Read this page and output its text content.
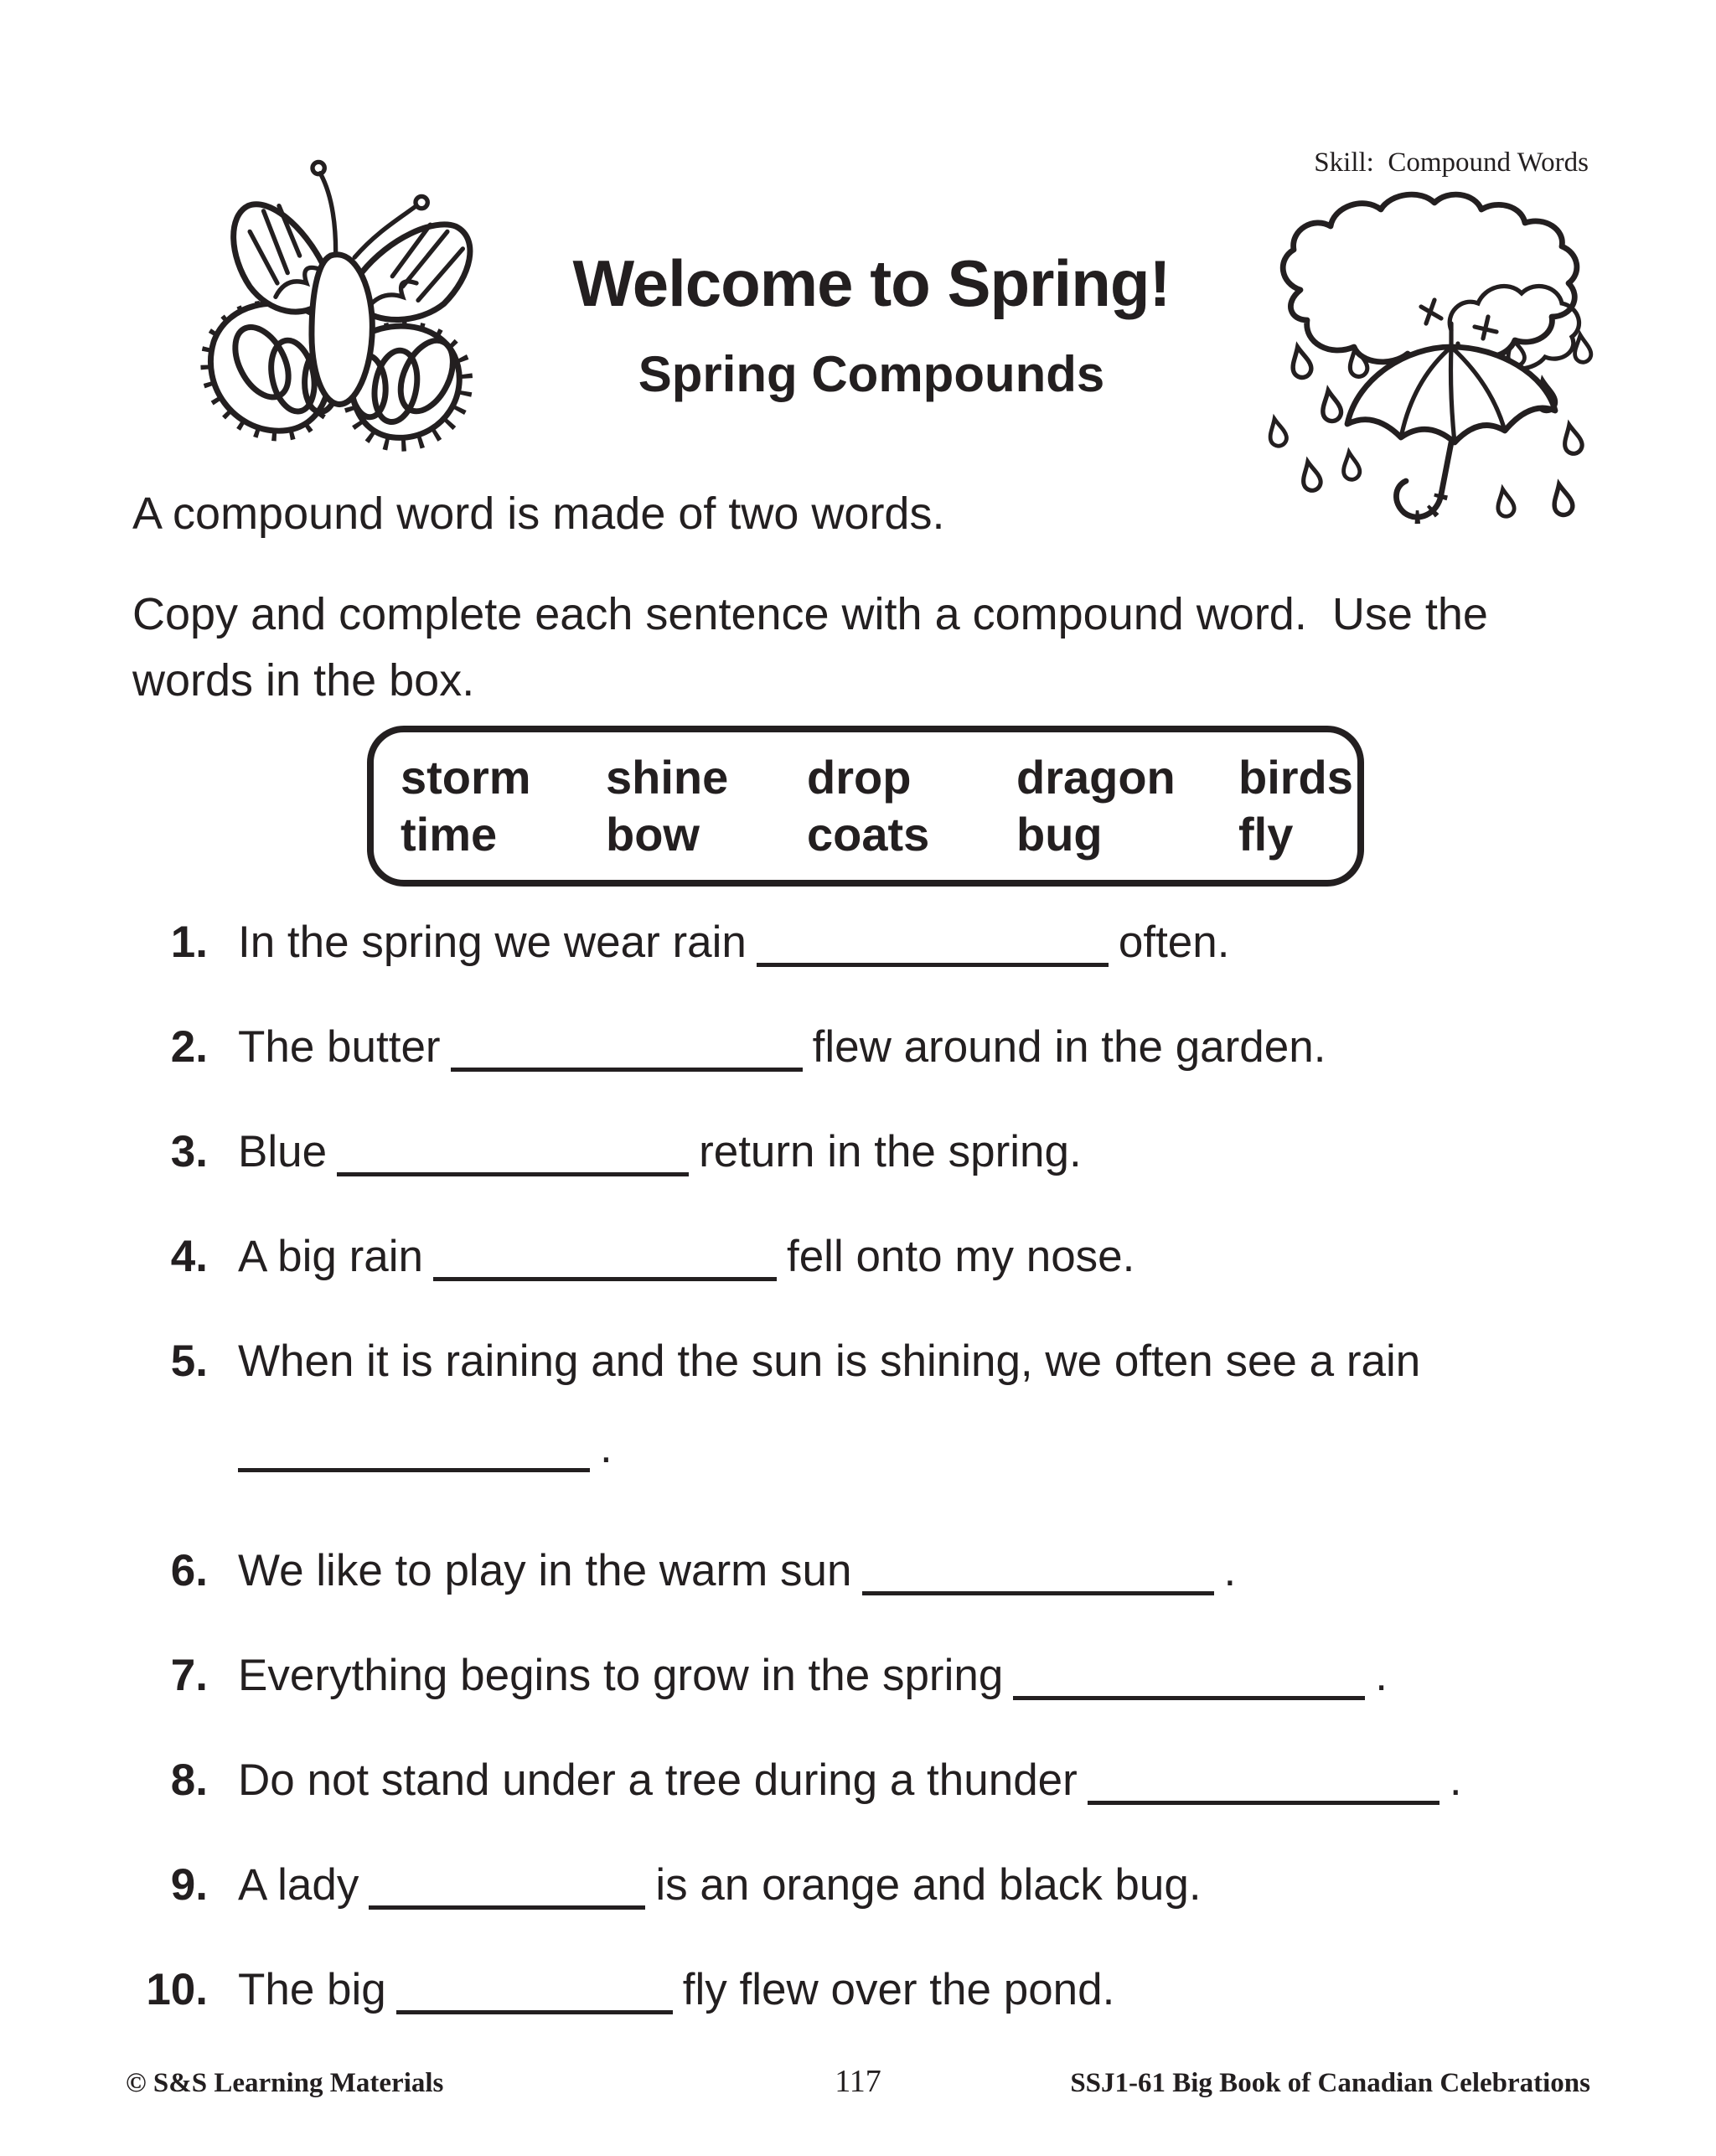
Skill:  Compound Words
Welcome to Spring!
Spring Compounds
A compound word is made of two words.
Copy and complete each sentence with a compound word.  Use the
words in the box.
storm	shine	drop	dragon	birds
time	bow	coats	bug	fly
1. In the spring we wear rain	often.
2. The butter	flew around in the garden.
3. Blue	return in the spring.
4. A big rain	fell onto my nose.
5. When it is raining and the sun is shining, we often see a rain
.
6. We like to play in the warm sun	.
7. Everything begins to grow in the spring	.
8. Do not stand under a tree during a thunder	.
9. A lady	is an orange and black bug.
10. The big	fly flew over the pond.
© S&S Learning Materials	117	SSJ1-61 Big Book of Canadian Celebrations
